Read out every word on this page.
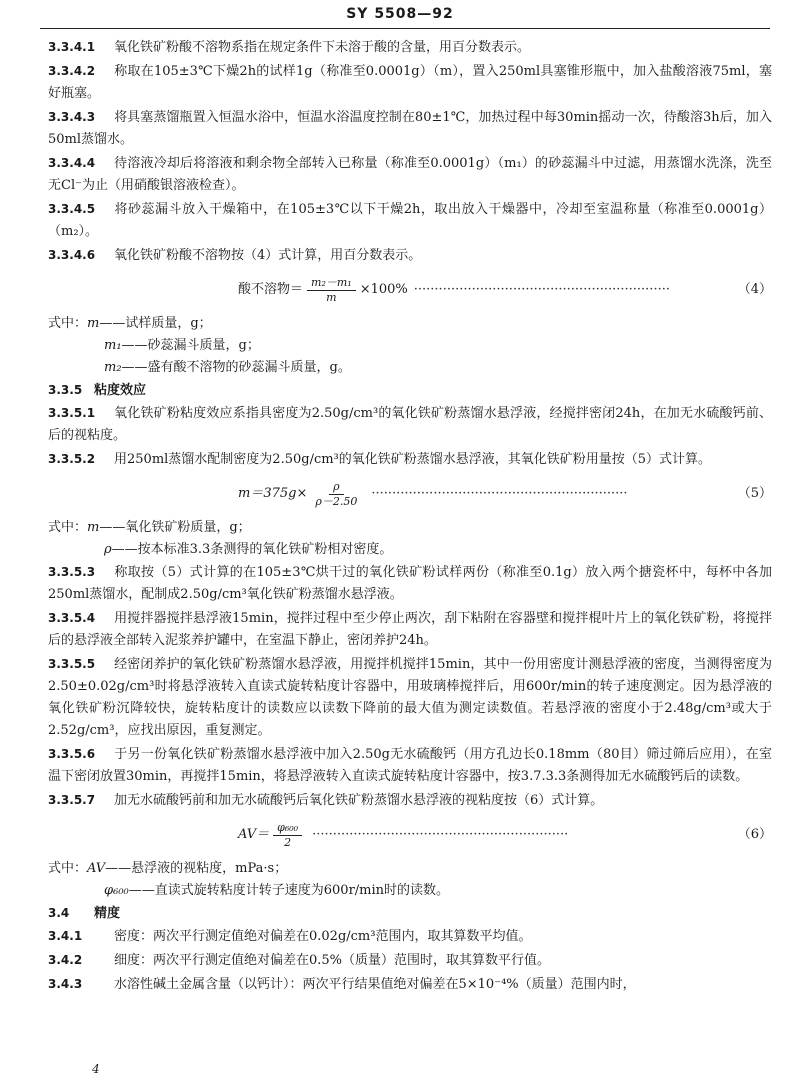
SY 5508—92

3.3.4.1 氧化铁矿粉酸不溶物系指在规定条件下未溶于酸的含量，用百分数表示。

3.3.4.2 称取在105±3℃下燥2h的试样1g（称准至0.0001g）（m），置入250ml具塞锥形瓶中，加入盐酸溶液75ml，塞好瓶塞。

3.3.4.3 将具塞蒸馏瓶置入恒温水浴中，恒温水浴温度控制在80±1℃，加热过程中每30min摇动一次，待酸溶3h后，加入50ml蒸馏水。

3.3.4.4 待溶液冷却后将溶液和剩余物全部转入已称量（称准至0.0001g）（m₁）的砂蕊漏斗中过滤，用蒸馏水洗涤，洗至无Cl⁻为止（用硝酸银溶液检查）。

3.3.4.5 将砂蕊漏斗放入干燥箱中，在105±3℃以下干燥2h，取出放入干燥器中，冷却至室温称量（称准至0.0001g）（m₂）。

3.3.4.6 氧化铁矿粉酸不溶物按（4）式计算，用百分数表示。

酸不溶物＝ $\frac{\text{m₂－m₁}}{m} \times 100\%$ ······························································	（4）

式中：m——试样质量，g；

m₁——砂蕊漏斗质量，g；

m₂——盛有酸不溶物的砂蕊漏斗质量，g。

3.3.5 粘度效应

3.3.5.1 氧化铁矿粉粘度效应系指具密度为2.50g/cm³的氧化铁矿粉蒸馏水悬浮液，经搅拌密闭24h，在加无水硫酸钙前、后的视粘度。

3.3.5.2 用250ml蒸馏水配制密度为2.50g/cm³的氧化铁矿粉蒸馏水悬浮液，其氧化铁矿粉用量按（5）式计算。

$m=375g\times \frac{\rho}{\rho-2.50}$ ······························································	（5）

式中：m——氧化铁矿粉质量，g；

ρ——按本标准3.3条测得的氧化铁矿粉相对密度。

3.3.5.3 称取按（5）式计算的在105±3℃烘干过的氧化铁矿粉试样两份（称准至0.1g）放入两个搪瓷杯中，每杯中各加250ml蒸馏水，配制成2.50g/cm³氧化铁矿粉蒸馏水悬浮液。

3.3.5.4 用搅拌器搅拌悬浮液15min，搅拌过程中至少停止两次，刮下粘附在容器壁和搅拌棍叶片上的氧化铁矿粉，将搅拌后的悬浮液全部转入泥浆养护罐中，在室温下静止，密闭养护24h。

3.3.5.5 经密闭养护的氧化铁矿粉蒸馏水悬浮液，用搅拌机搅拌15min，其中一份用密度计测悬浮液的密度，当测得密度为2.50±0.02g/cm³时将悬浮液转入直读式旋转粘度计容器中，用玻璃棒搅拌后，用600r/min的转子速度测定。因为悬浮液的氧化铁矿粉沉降较快，旋转粘度计的读数应以读数下降前的最大值为测定读数值。若悬浮液的密度小于2.48g/cm³或大于2.52g/cm³，应找出原因，重复测定。

3.3.5.6 于另一份氧化铁矿粉蒸馏水悬浮液中加入2.50g无水硫酸钙（用方孔边长0.18mm（80目）筛过筛后应用），在室温下密闭放置30min，再搅拌15min，将悬浮液转入直读式旋转粘度计容器中，按3.7.3.3条测得加无水硫酸钙后的读数。

3.3.5.7 加无水硫酸钙前和加无水硫酸钙后氧化铁矿粉蒸馏水悬浮液的视粘度按（6）式计算。

$AV= \frac{\text{φ₆₀₀}}{2}$ ······························································	（6）

式中：AV——悬浮液的视粘度，mPa·s；

φ₆₀₀——直读式旋转粘度计转子速度为600r/min时的读数。

3.4 精度

3.4.1 密度：两次平行测定值绝对偏差在0.02g/cm³范围内，取其算数平均值。

3.4.2 细度：两次平行测定值绝对偏差在0.5%（质量）范围时，取其算数平行值。

3.4.3 水溶性碱土金属含量（以钙计）：两次平行结果值绝对偏差在5×10⁻⁴%（质量）范围内时，

4
